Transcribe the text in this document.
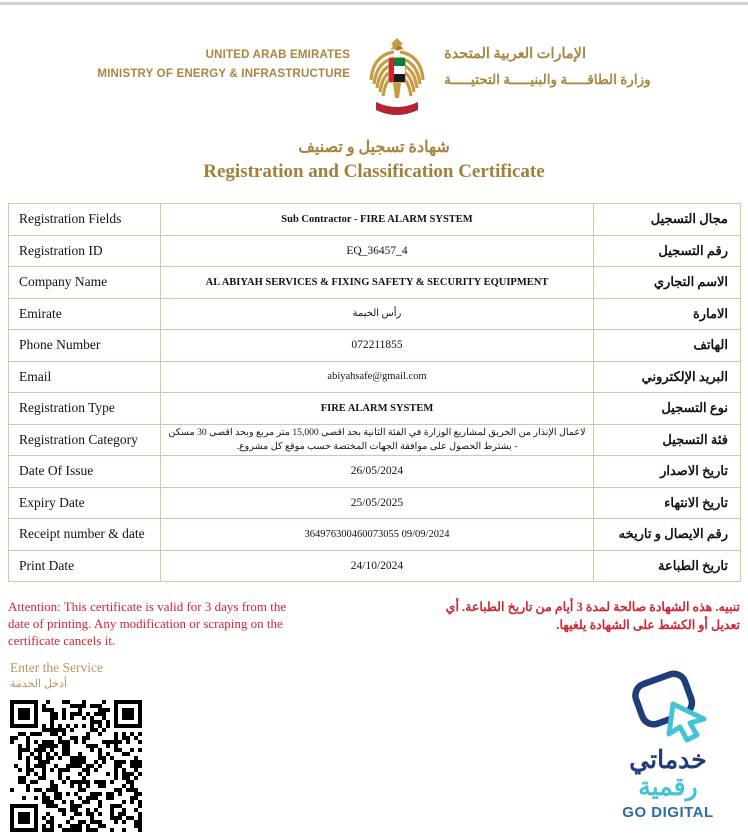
UNITED ARAB EMIRATES
MINISTRY OF ENERGY & INFRASTRUCTURE
الإمارات العربية المتحدة
وزارة الطاقـــــة والبنيـــــة التحتيـــــة
شهادة تسجيل و تصنيف
Registration and Classification Certificate
Registration Fields	Sub Contractor - FIRE ALARM SYSTEM	مجال التسجيل
Registration ID	EQ_36457_4	رقم التسجيل
Company Name	AL ABIYAH SERVICES & FIXING SAFETY & SECURITY EQUIPMENT	الاسم التجاري
Emirate	رأس الخيمة	الامارة
Phone Number	072211855	الهاتف
Email	abiyahsafe@gmail.com	البريد الإلكتروني
Registration Type	FIRE ALARM SYSTEM	نوع التسجيل
Registration Category	لاعمال الإنذار من الحريق لمشاريع الوزارة في الفئة الثانية بحد اقصى 15,000 متر مربع وبحد اقصى 30 مسكن - يشترط الحصول على موافقة الجهات المختصة حسب موقع كل مشروع.	فئة التسجيل
Date Of Issue	26/05/2024	تاريخ الاصدار
Expiry Date	25/05/2025	تاريخ الانتهاء
Receipt number & date	364976300460073055 09/09/2024	رقم الايصال و تاريخه
Print Date	24/10/2024	تاريخ الطباعة
Attention: This certificate is valid for 3 days from the date of printing. Any modification or scraping on the certificate cancels it.
تنبيه. هذه الشهادة صالحة لمدة 3 أيام من تاريخ الطباعة. أي تعديل أو الكشط على الشهادة يلغيها.
Enter the Service
أدخل الخدمة
خدماتي
رقمية
GO DIGITAL
